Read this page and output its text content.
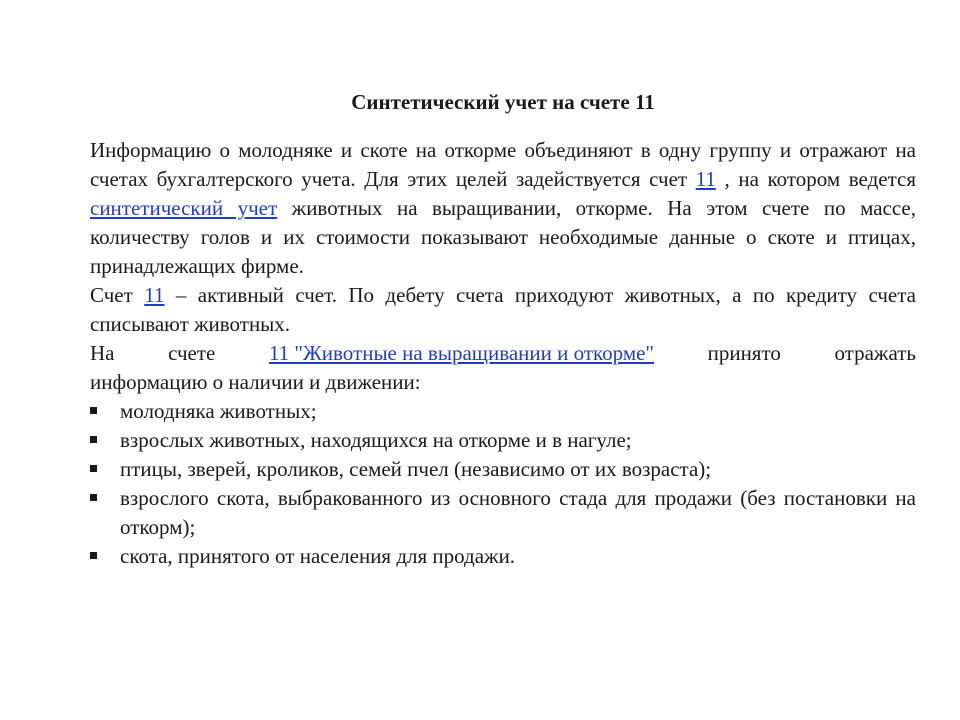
Синтетический учет на счете 11

Информацию о молодняке и скоте на откорме объединяют в одну группу и отражают на счетах бухгалтерского учета. Для этих целей задействуется счет 11 , на котором ведется синтетический учет животных на выращивании, откорме. На этом счете по массе, количеству голов и их стоимости показывают необходимые данные о скоте и птицах, принадлежащих фирме.

Счет 11 – активный счет. По дебету счета приходуют животных, а по кредиту счета списывают животных.

На	счете	11 "Животные на выращивании и откорме"	принято	отражать

информацию о наличии и движении:

молодняка животных;
взрослых животных, находящихся на откорме и в нагуле;
птицы, зверей, кроликов, семей пчел (независимо от их возраста);
взрослого скота, выбракованного из основного стада для продажи (без постановки на откорм);
скота, принятого от населения для продажи.
